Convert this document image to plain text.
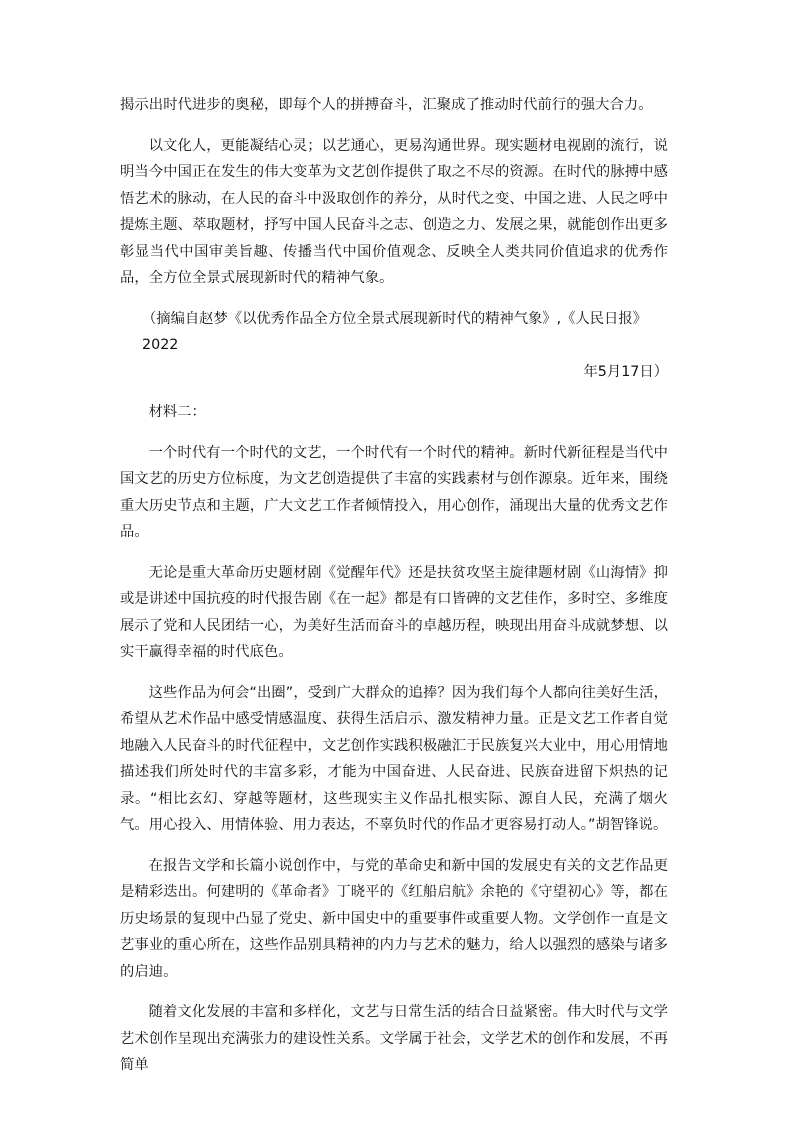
揭示出时代进步的奥秘，即每个人的拼搏奋斗，汇聚成了推动时代前行的强大合力。

以文化人，更能凝结心灵；以艺通心，更易沟通世界。现实题材电视剧的流行，说明当今中国正在发生的伟大变革为文艺创作提供了取之不尽的资源。在时代的脉搏中感悟艺术的脉动，在人民的奋斗中汲取创作的养分，从时代之变、中国之进、人民之呼中提炼主题、萃取题材，抒写中国人民奋斗之志、创造之力、发展之果，就能创作出更多彰显当代中国审美旨趣、传播当代中国价值观念、反映全人类共同价值追求的优秀作品，全方位全景式展现新时代的精神气象。

（摘编自赵梦《以优秀作品全方位全景式展现新时代的精神气象》,《人民日报》2022
年5月17日）

材料二：

一个时代有一个时代的文艺，一个时代有一个时代的精神。新时代新征程是当代中国文艺的历史方位标度，为文艺创造提供了丰富的实践素材与创作源泉。近年来，围绕重大历史节点和主题，广大文艺工作者倾情投入，用心创作，涌现出大量的优秀文艺作品。

无论是重大革命历史题材剧《觉醒年代》还是扶贫攻坚主旋律题材剧《山海情》抑或是讲述中国抗疫的时代报告剧《在一起》都是有口皆碑的文艺佳作，多时空、多维度展示了党和人民团结一心，为美好生活而奋斗的卓越历程，映现出用奋斗成就梦想、以实干赢得幸福的时代底色。

这些作品为何会“出圈”，受到广大群众的追捧？因为我们每个人都向往美好生活，希望从艺术作品中感受情感温度、获得生活启示、激发精神力量。正是文艺工作者自觉地融入人民奋斗的时代征程中，文艺创作实践积极融汇于民族复兴大业中，用心用情地描述我们所处时代的丰富多彩，才能为中国奋进、人民奋进、民族奋进留下炽热的记录。“相比玄幻、穿越等题材，这些现实主义作品扎根实际、源自人民，充满了烟火气。用心投入、用情体验、用力表达，不辜负时代的作品才更容易打动人。”胡智锋说。

在报告文学和长篇小说创作中，与党的革命史和新中国的发展史有关的文艺作品更是精彩迭出。何建明的《革命者》丁晓平的《红船启航》余艳的《守望初心》等，都在历史场景的复现中凸显了党史、新中国史中的重要事件或重要人物。文学创作一直是文艺事业的重心所在，这些作品别具精神的内力与艺术的魅力，给人以强烈的感染与诸多的启迪。

随着文化发展的丰富和多样化，文艺与日常生活的结合日益紧密。伟大时代与文学艺术创作呈现出充满张力的建设性关系。文学属于社会，文学艺术的创作和发展，不再简单
